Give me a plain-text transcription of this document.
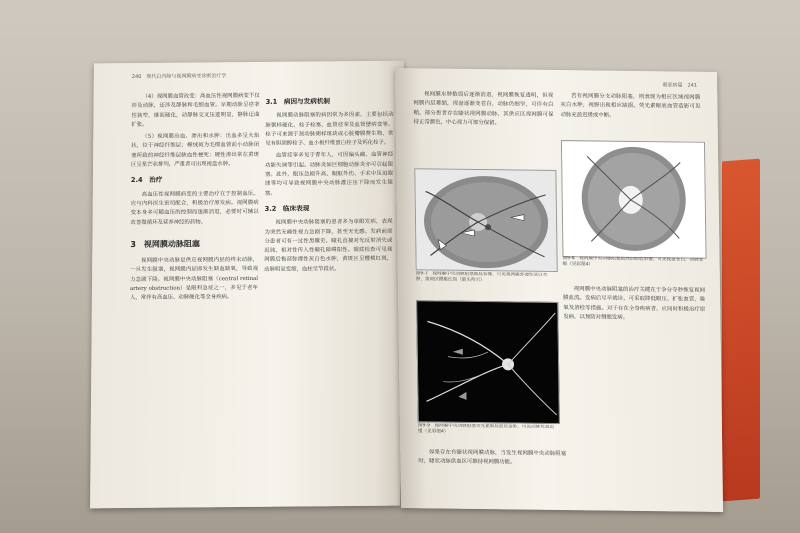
240　现代白内障与视网膜病变诊断治疗学

（4）视网膜血管改变：高血压性视网膜病变不仅涉及动脉，还涉及静脉和毛细血管。早期动脉呈痉挛性狭窄，继而硬化，动静脉交叉压迹明显，静脉迂曲扩张。

（5）视网膜出血、渗出和水肿：出血多呈火焰状，位于神经纤维层；棉绒斑为毛细血管前小动脉闭塞所致的神经纤维层缺血性梗死；硬性渗出常在黄斑区呈星芒状排列。严重者可出现视盘水肿。

2.4　治疗

高血压性视网膜病变的主要治疗在于控制血压。应与内科医生密切配合，积极治疗原发病。视网膜病变本身多可随血压的控制而逐渐消退，必要时可辅以改善微循环及营养神经的药物。

3　视网膜动脉阻塞

视网膜中央动脉是供应视网膜内层的终末动脉，一旦发生阻塞，视网膜内层即发生缺血缺氧，导致视力急剧下降。视网膜中央动脉阻塞（central retinal artery obstruction）是眼科急症之一，多见于老年人，常伴有高血压、动脉硬化等全身疾病。

3.1　病因与发病机制

视网膜动脉阻塞的病因常为多因素，主要包括动脉粥样硬化、栓子栓塞、血管痉挛及血管壁病变等。栓子可来源于颈动脉粥样斑块或心脏瓣膜赘生物，常见有胆固醇栓子、血小板纤维蛋白栓子及钙化栓子。

血管痉挛多见于青年人，可因偏头痛、血管神经功能失调等引起。动脉炎如巨细胞动脉炎亦可引起阻塞。此外，眼压急剧升高、眼眶外伤、手术中压迫眼球等均可导致视网膜中央动脉灌注压下降而发生阻塞。

3.2　临床表现

视网膜中央动脉阻塞的患者多为单眼发病，表现为突然无痛性视力急剧下降，甚至无光感。发病前部分患者可有一过性黑矇史。瞳孔直接对光反射消失或迟钝，相对性传入性瞳孔障碍阳性。眼底检查可见视网膜后极部弥漫性灰白色水肿，黄斑区呈樱桃红斑，动脉明显变细，血柱呈节段状。

眼底病篇　241

视网膜水肿数周后逐渐消退，视网膜恢复透明，但视网膜内层萎缩，视盘逐渐变苍白，动脉仍细窄，可伴有白鞘。部分患者存在睫状视网膜动脉，其供应区视网膜可保持正常颜色，中心视力可部分保留。

若有视网膜分支动脉阻塞，则表现为相应区域视网膜灰白水肿，视野出现相应缺损。荧光素眼底血管造影可见动脉充盈迟缓或中断。

图9-7　视网膜中央动脉阻塞眼底彩像，可见视网膜弥漫性灰白水肿，黄斑区樱桃红斑（箭头所示）
图9-8　视网膜中央动脉阻塞数周后眼底彩像，可见视盘苍白，动脉变细（见彩图4）
图9-9　视网膜中央动脉阻塞荧光素眼底血管造影，可见动脉充盈迟缓（见彩图4）

视网膜中央动脉阻塞的治疗关键在于争分夺秒恢复视网膜血流。发病后尽早就诊，可采取降低眼压、扩张血管、吸氧及溶栓等措施。对于存在全身疾病者，应同时积极治疗原发病，以预防对侧眼发病。

如果存在有睫状视网膜动脉，当发生视网膜中央动脉阻塞时，睫状动脉供血区可维持视网膜功能。
